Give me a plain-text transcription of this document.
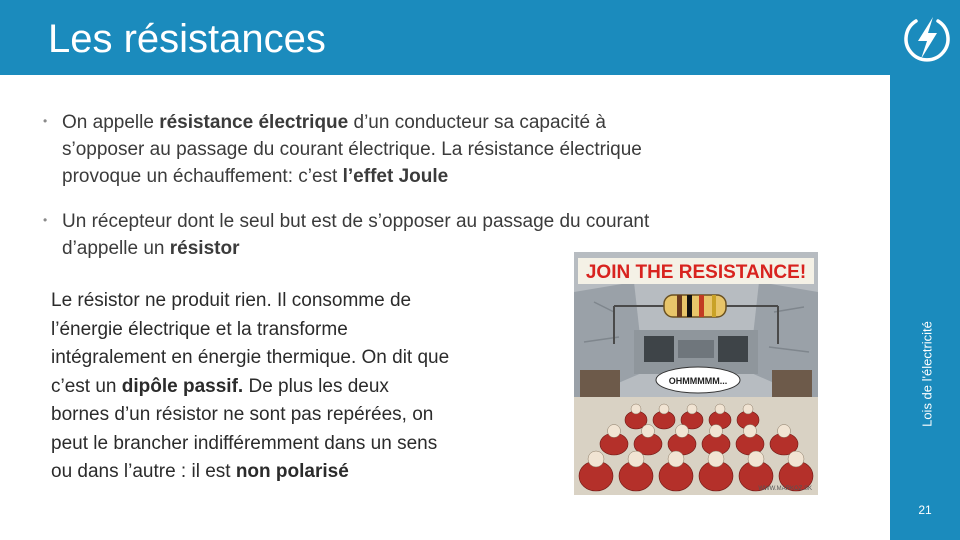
Les résistances
Lois de l'électricité
21

• On appelle résistance électrique d’un conducteur sa capacité à
s’opposer au passage du courant électrique. La résistance électrique
provoque un échauffement: c’est l’effet Joule

• Un récepteur dont le seul but est de s’opposer au passage du courant
d’appelle un résistor

Le résistor ne produit rien. Il consomme de
l’énergie électrique et la transforme
intégralement en énergie thermique. On dit que
c’est un dipôle passif. De plus les deux
bornes d’un résistor ne sont pas repérées, on
peut le brancher indifféremment dans un sens
ou dans l’autre : il est non polarisé

JOIN THE RESISTANCE!
OHMMMMM...
WWW.MARKOZ.SK
